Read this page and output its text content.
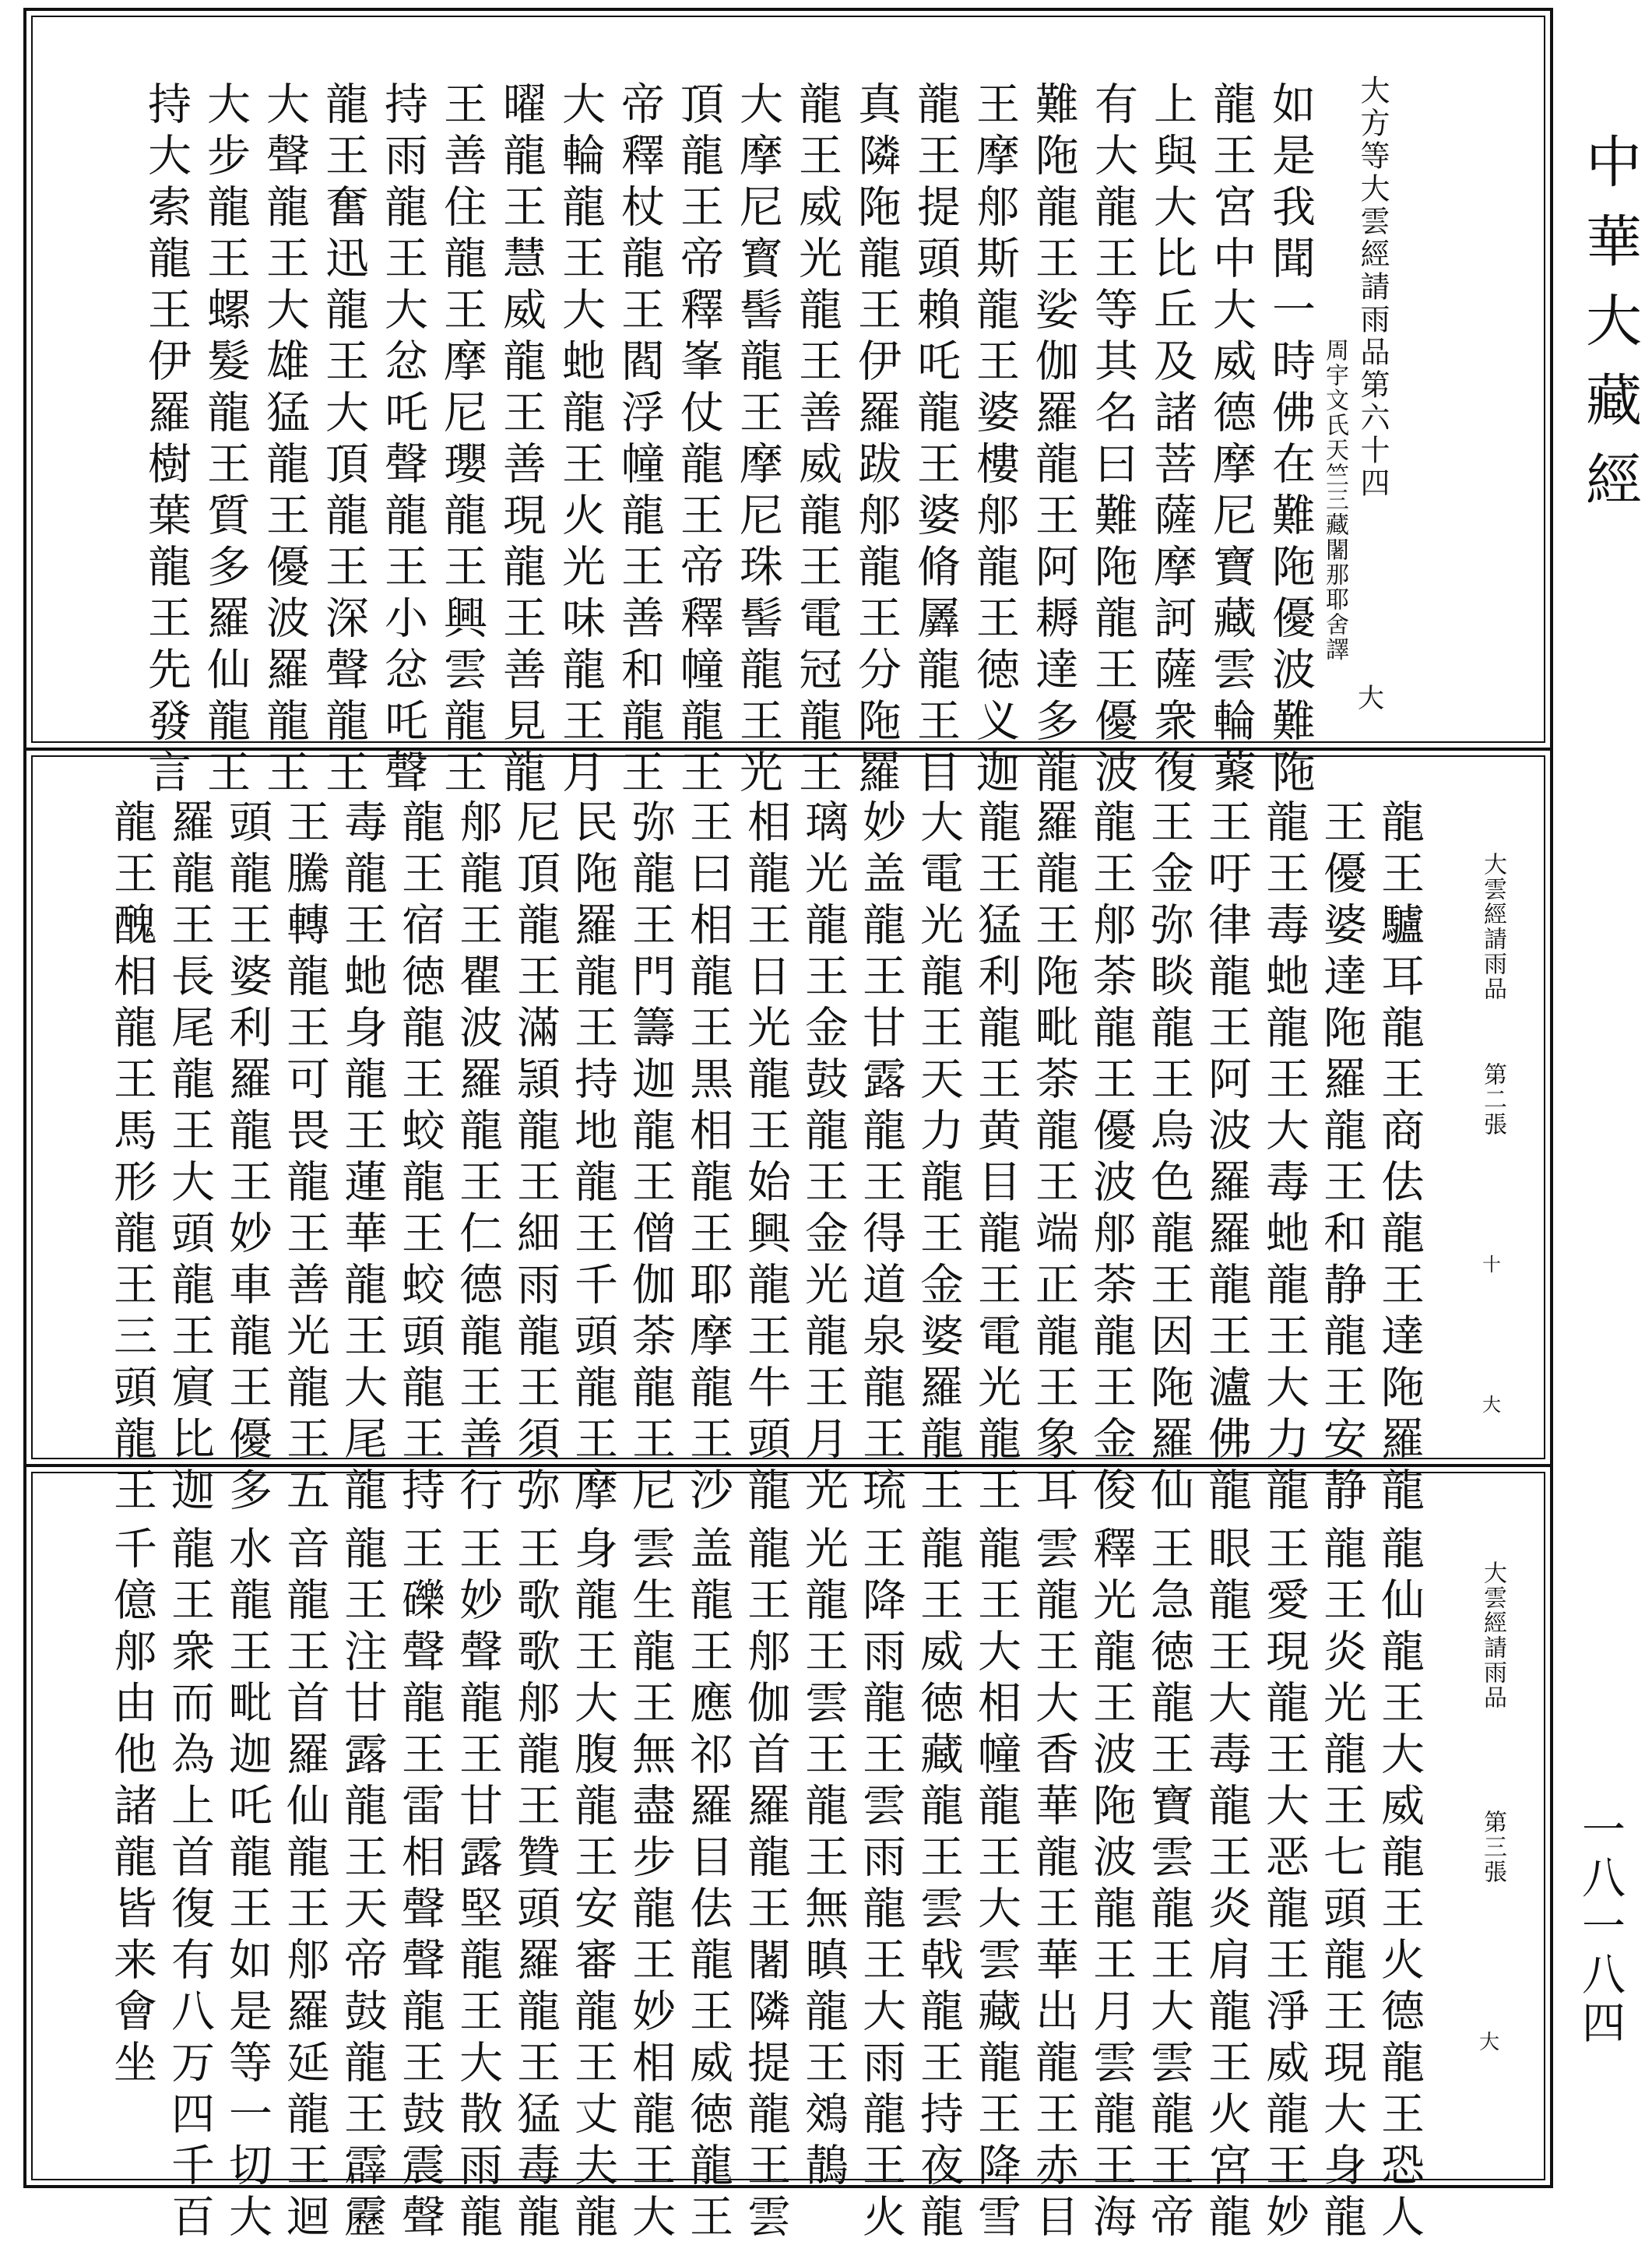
大方等大雲經請雨品第六十四
周宇文氏天竺三藏闍那耶舍譯
大
如是我聞一時佛在難陁優波難陁
龍王宮中大威德摩尼寶藏雲輪藂
上與大比丘及諸菩薩摩訶薩衆復
有大龍王等其名曰難陁龍王優波
難陁龍王娑伽羅龍王阿耨達多龍
王摩郍斯龍王婆樓郍龍王徳义迦
龍王提頭賴吒龍王婆脩羼龍王目
真隣陁龍王伊羅跋郍龍王分陁羅
龍王威光龍王善威龍王電冠龍王
大摩尼寳髻龍王摩尼珠髻龍王光
頂龍王帝釋峯仗龍王帝釋幢龍王
帝釋杖龍王閻浮幢龍王善和龍王
大輪龍王大虵龍王火光味龍王月
曜龍王慧威龍王善現龍王善見龍
王善住龍王摩尼瓔龍王興雲龍王
持雨龍王大忿吒聲龍王小忿吒聲
龍王奮迅龍王大頂龍王深聲龍王
大聲龍王大雄猛龍王優波羅龍王
大步龍王螺髮龍王質多羅仙龍王
持大索龍王伊羅樹葉龍王先發言
大雲經請雨品
第二張
十
大
龍王驢耳龍王商佉龍王達陁羅龍
王優婆達陁羅龍王和静龍王安静
龍王毒虵龍王大毒虵龍王大力龍
王吁律龍王阿波羅羅龍王瀘佛龍
王金弥睒龍王烏色龍王因陁羅仙
龍王郍荼龍王優波郍荼龍王金俊
羅龍王陁毗荼龍王端正龍王象耳
龍王猛利龍王黄目龍王電光龍王
大電光龍王天力龍王金婆羅龍王
妙盖龍王甘露龍王得道泉龍王琉
璃光龍王金鼓龍王金光龍王月光
相龍王日光龍王始興龍王牛頭龍
王曰相龍王黒相龍王耶摩龍王沙
弥龍王門籌迦龍王僧伽荼龍王尼
民陁羅龍王持地龍王千頭龍王摩
尼頂龍王滿頴龍王細雨龍王須弥
郍龍王瞿波羅龍王仁德龍王善行
龍王宿徳龍王蛟龍王蛟頭龍王持
毒龍王虵身龍王蓮華龍王大尾龍
王騰轉龍王可畏龍王善光龍王五
頭龍王婆利羅龍王妙車龍王優多
羅龍王長尾龍王大頭龍王賔比迦
龍王醜相龍王馬形龍王三頭龍王
大雲經請雨品
第三張
大
龍仙龍王大威龍王火德龍王恐人
龍王炎光龍王七頭龍王現大身龍
王愛現龍王大恶龍王淨威龍王妙
眼龍王大毒龍王炎肩龍王火宮龍
王急徳龍王寶雲龍王大雲龍王帝
釋光龍王波陁波龍王月雲龍王海
雲龍王大香華龍王華出龍王赤目
龍王大相幢龍王大雲藏龍王降雪
龍王威徳藏龍王雲戟龍王持夜龍
王降雨龍王雲雨龍王大雨龍王火
光龍王雲王龍王無瞋龍王鵁鶄
龍王郍伽首羅龍王闍隣提龍王雲
盖龍王應祁羅目佉龍王威徳龍王
雲生龍王無盡步龍王妙相龍王大
身龍王大腹龍王安審龍王丈夫龍
王歌歌郍龍王贊頭羅龍王猛毒龍
王妙聲龍王甘露堅龍王大散雨龍
王礫聲龍王雷相聲聲龍王鼓震聲
龍王注甘露龍王天帝鼓龍王霹靂
音龍王首羅仙龍王郍羅延龍王迴
水龍王毗迦吒龍王如是等一切大
龍王衆而為上首復有八万四千百
千億郍由他諸龍皆来會坐
中華大藏經
一八一八四
